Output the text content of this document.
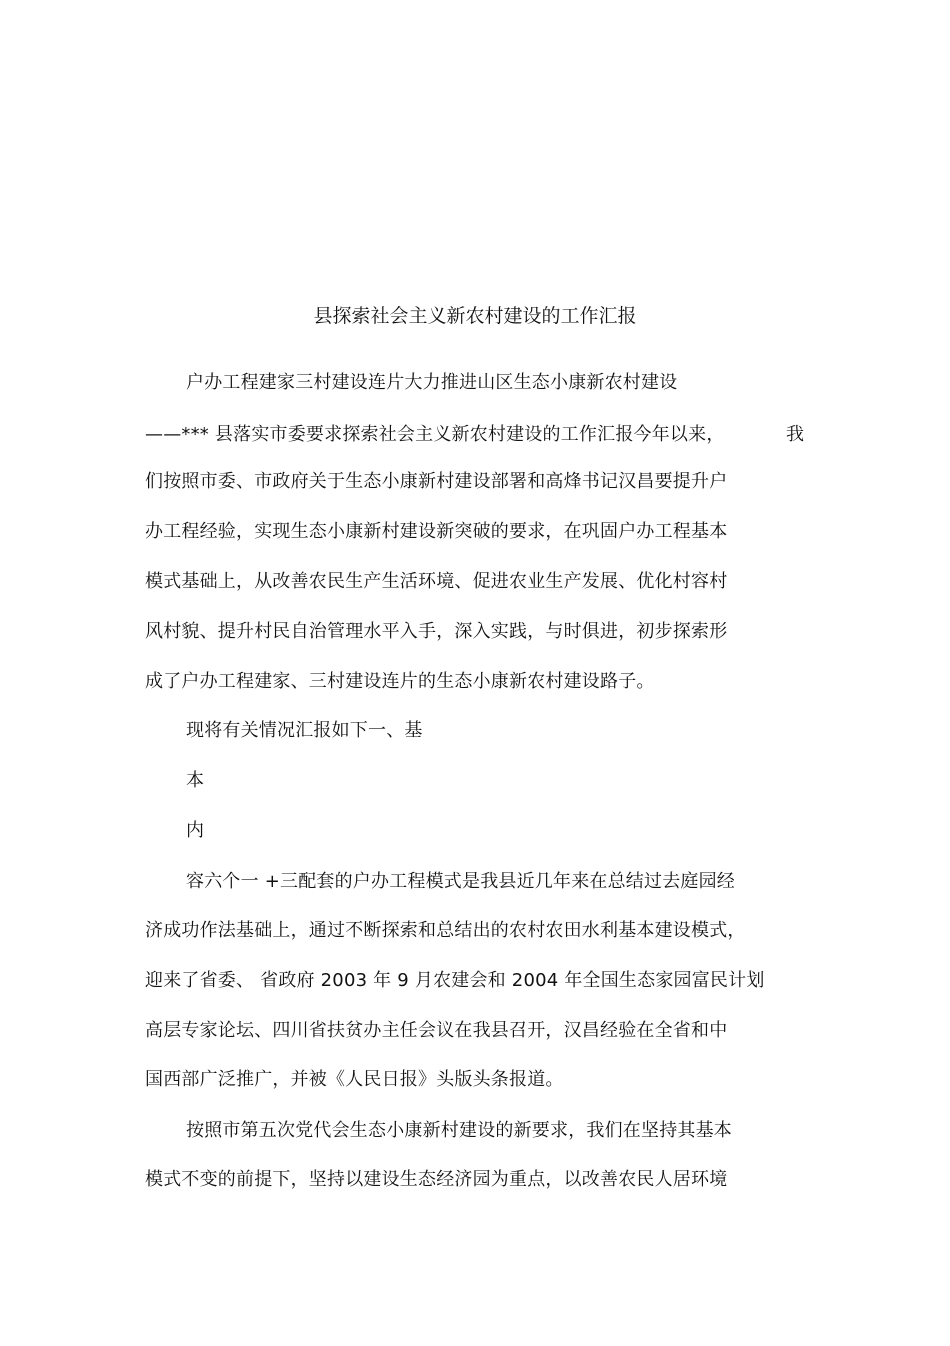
县探索社会主义新农村建设的工作汇报
户办工程建家三村建设连片大力推进山区生态小康新农村建设
——*** 县落实市委要求探索社会主义新农村建设的工作汇报今年以来，	我
们按照市委、市政府关于生态小康新村建设部署和高烽书记汉昌要提升户
办工程经验，实现生态小康新村建设新突破的要求，在巩固户办工程基本
模式基础上，从改善农民生产生活环境、促进农业生产发展、优化村容村
风村貌、提升村民自治管理水平入手，深入实践，与时俱进，初步探索形
成了户办工程建家、三村建设连片的生态小康新农村建设路子。
现将有关情况汇报如下一、基
本
内
容六个一 +三配套的户办工程模式是我县近几年来在总结过去庭园经
济成功作法基础上，通过不断探索和总结出的农村农田水利基本建设模式，
迎来了省委、 省政府 2003 年 9 月农建会和 2004 年全国生态家园富民计划
高层专家论坛、四川省扶贫办主任会议在我县召开，汉昌经验在全省和中
国西部广泛推广，并被《人民日报》头版头条报道。
按照市第五次党代会生态小康新村建设的新要求，我们在坚持其基本
模式不变的前提下，坚持以建设生态经济园为重点，以改善农民人居环境
